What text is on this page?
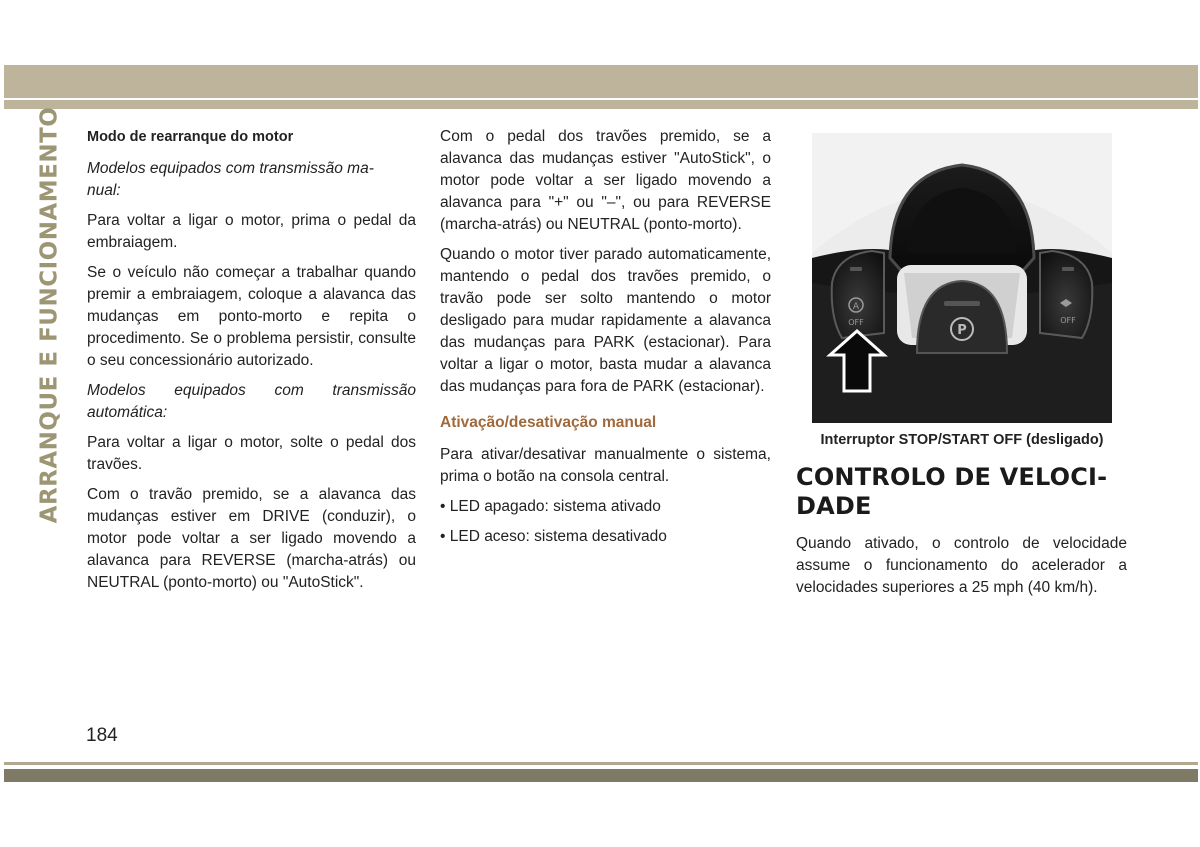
ARRANQUE E FUNCIONAMENTO Modo de rearranque do motor

Modelos equipados com transmissão ma-
nual:

Para voltar a ligar o motor, prima o pedal da embraiagem.

Se o veículo não começar a trabalhar quando premir a embraiagem, coloque a alavanca das mudanças em ponto-morto e repita o procedimento. Se o problema persistir, consulte o seu concessionário autorizado.

Modelos equipados com transmissão automática:

Para voltar a ligar o motor, solte o pedal dos travões.

Com o travão premido, se a alavanca das mudanças estiver em DRIVE (conduzir), o motor pode voltar a ser ligado movendo a alavanca para REVERSE (marcha-atrás) ou NEUTRAL (ponto-morto) ou "AutoStick".

Com o pedal dos travões premido, se a alavanca das mudanças estiver "AutoStick", o motor pode voltar a ser ligado movendo a alavanca para "+" ou "–", ou para REVERSE (marcha-atrás) ou NEUTRAL (ponto-morto).

Quando o motor tiver parado automaticamente, mantendo o pedal dos travões premido, o travão pode ser solto mantendo o motor desligado para mudar rapidamente a alavanca das mudanças para PARK (estacionar). Para voltar a ligar o motor, basta mudar a alavanca das mudanças para fora de PARK (estacionar).

Ativação/desativação manual

Para ativar/desativar manualmente o sistema, prima o botão na consola central.

• LED apagado: sistema ativado

• LED aceso: sistema desativado

P
A
OFF	OFF
Interruptor STOP/START OFF (desligado)
CONTROLO DE VELOCI-
DADE

Quando ativado, o controlo de velocidade assume o funcionamento do acelerador a velocidades superiores a 25 mph (40 km/h).

184
